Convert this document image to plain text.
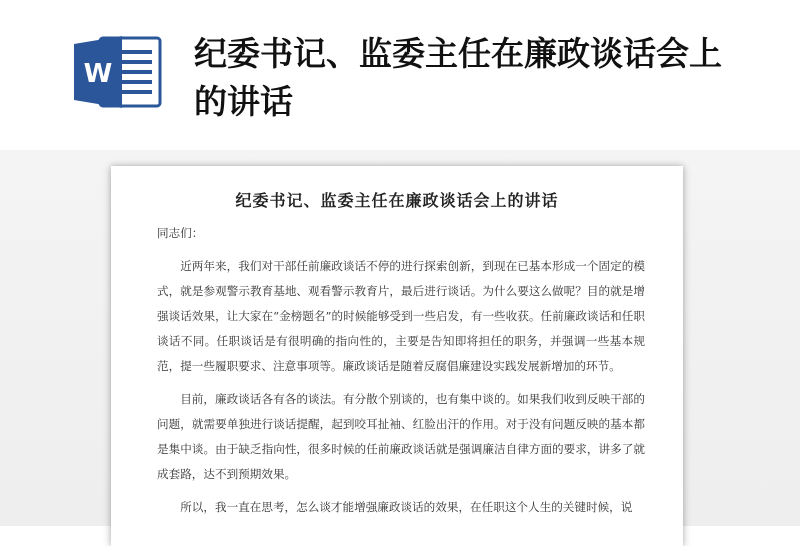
W
纪委书记、监委主任在廉政谈话会上的讲话
纪委书记、监委主任在廉政谈话会上的讲话

同志们：

近两年来，我们对干部任前廉政谈话不停的进行探索创新，到现在已基本形成一个固定的模式，就是参观警示教育基地、观看警示教育片，最后进行谈话。为什么要这么做呢？目的就是增强谈话效果，让大家在“金榜题名”的时候能够受到一些启发，有一些收获。任前廉政谈话和任职谈话不同。任职谈话是有很明确的指向性的，主要是告知即将担任的职务，并强调一些基本规范，提一些履职要求、注意事项等。廉政谈话是随着反腐倡廉建设实践发展新增加的环节。

目前，廉政谈话各有各的谈法。有分散个别谈的，也有集中谈的。如果我们收到反映干部的问题，就需要单独进行谈话提醒，起到咬耳扯袖、红脸出汗的作用。对于没有问题反映的基本都是集中谈。由于缺乏指向性，很多时候的任前廉政谈话就是强调廉洁自律方面的要求，讲多了就成套路，达不到预期效果。

所以，我一直在思考，怎么谈才能增强廉政谈话的效果，在任职这个人生的关键时候，说
